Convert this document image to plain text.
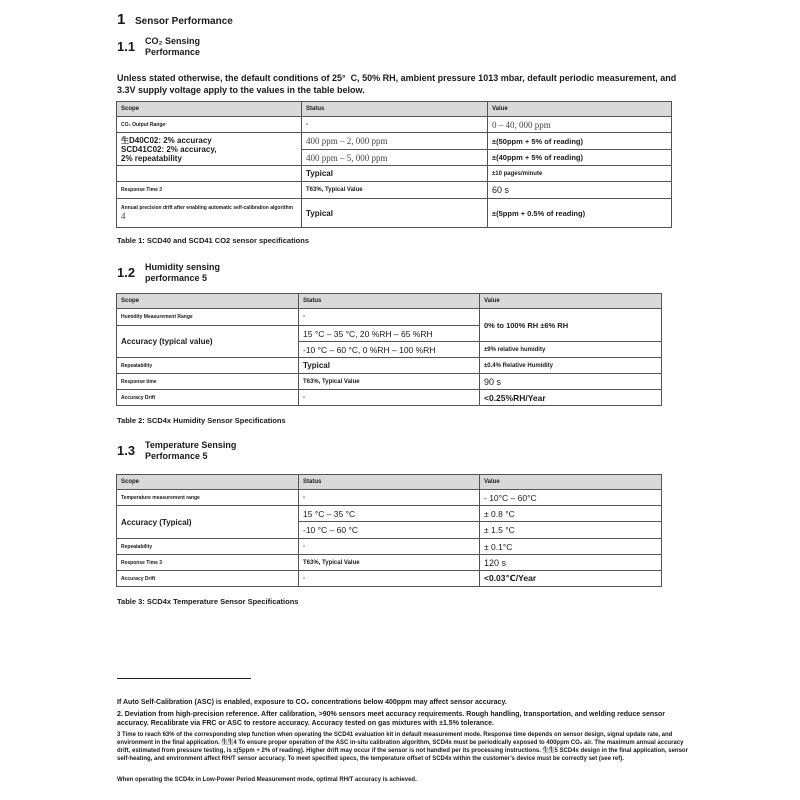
1 Sensor Performance
1.1	CO₂ Sensing
Performance
Unless stated otherwise, the default conditions of 25°  C, 50% RH, ambient pressure 1013 mbar, default periodic measurement, and 3.3V supply voltage apply to the values in the table below.
Scope	Status	Value
CO₂ Output Range¹	-	0 – 40, 000 ppm
生D40C02: 2% accuracy
SCD41C02: 2% accuracy,
2% repeatability	400 ppm – 2, 000 ppm	±(50ppm + 5% of reading)
	400 ppm – 5, 000 ppm	±(40ppm + 5% of reading)
	Typical	±10 pages/minute
Response Time 3	T63%, Typical Value	60 s

Annual precision drift after enabling automatic self-calibration algorithm
4	Typical	±(5ppm + 0.5% of reading)
Table 1: SCD40 and SCD41 CO2 sensor specifications
1.2	Humidity sensing
performance 5
Scope	Status	Value
Humidity Measurement Range	-	0% to 100% RH ±6% RH
Accuracy (typical value)	15 °C – 35 °C, 20 %RH – 65 %RH	
	-10 °C – 60 °C, 0 %RH – 100 %RH	±9% relative humidity
Repeatability	Typical	±0.4% Relative Humidity
Response time	T63%, Typical Value	90 s
Accuracy Drift	-	<0.25%RH/Year
Table 2: SCD4x Humidity Sensor Specifications
1.3	Temperature Sensing
Performance 5
Scope	Status	Value
Temperature measurement range	-	- 10°C – 60°C
Accuracy (Typical)	15 °C – 35 °C	± 0.8 °C
	-10 °C – 60 °C	± 1.5 °C
Repeatability	-	± 0.1°C
Response Time 3	T63%, Typical Value	120 s
Accuracy Drift	-	<0.03℃/Year
Table 3: SCD4x Temperature Sensor Specifications
If Auto Self-Calibration (ASC) is enabled, exposure to CO₂ concentrations below 400ppm may affect sensor accuracy.
2. Deviation from high-precision reference. After calibration, >90% sensors meet accuracy requirements. Rough handling, transportation, and welding reduce sensor accuracy. Recalibrate via FRC or ASC to restore accuracy. Accuracy tested on gas mixtures with ±1.5% tolerance.
3 Time to reach 63% of the corresponding step function when operating the SCD41 evaluation kit in default measurement mode. Response time depends on sensor design, signal update rate, and environment in the final application. 生生4 To ensure proper operation of the ASC in-situ calibration algorithm, SCD4x must be periodically exposed to 400ppm CO₂ air. The maximum annual accuracy drift, estimated from pressure testing, is ±(5ppm + 2% of reading). Higher drift may occur if the sensor is not handled per its processing instructions. 生生5 SCD4x design in the final application, sensor self-heating, and environment affect RH/T sensor accuracy. To meet specified specs, the temperature offset of SCD4x within the customer’s device must be correctly set (see ref).
When operating the SCD4x in Low-Power Period Measurement mode, optimal RH/T accuracy is achieved.
